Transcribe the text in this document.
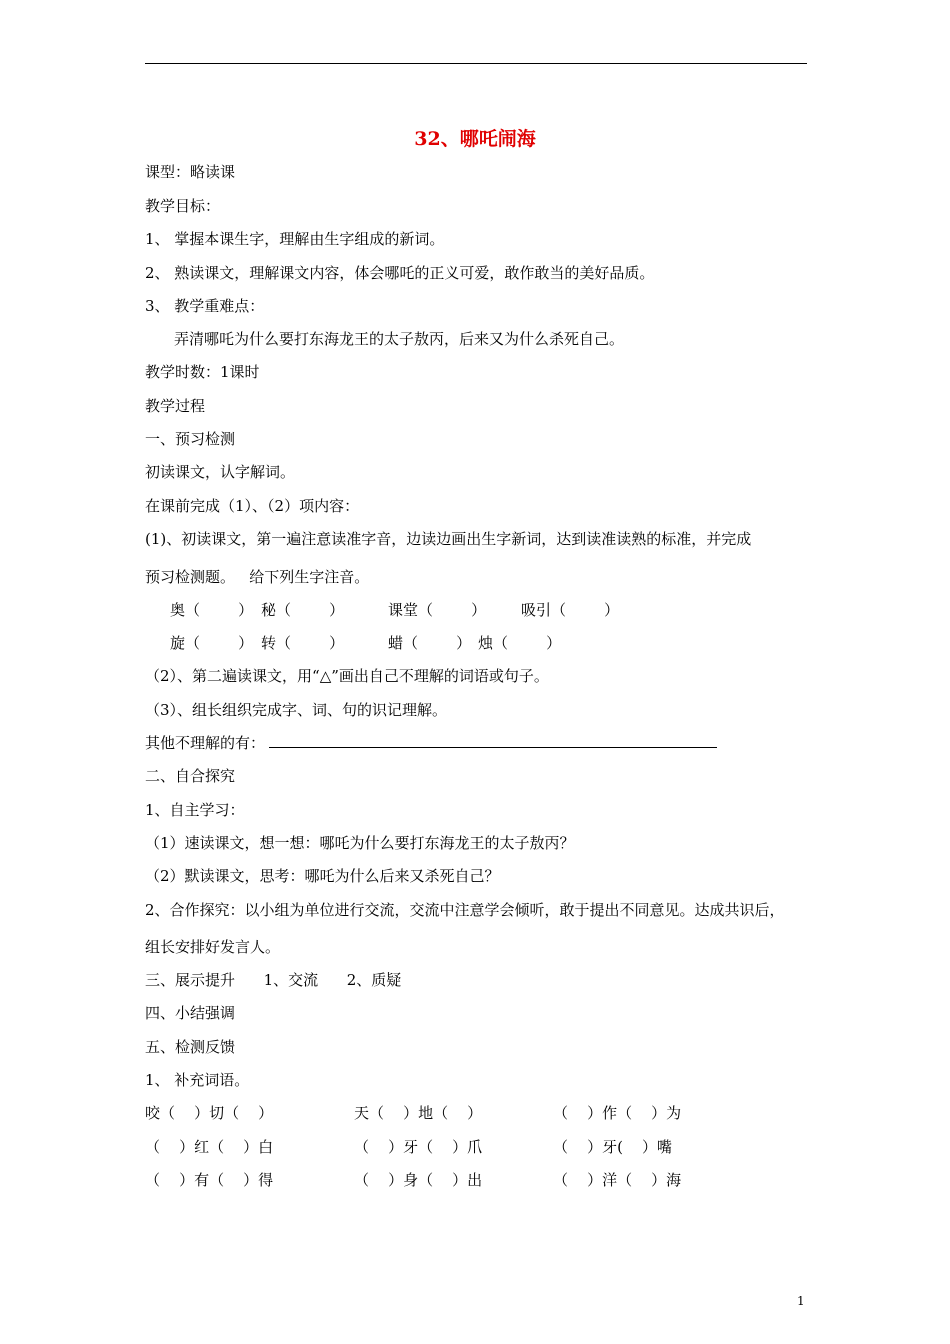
32、哪吒闹海
课型：略读课
教学目标：
1、 掌握本课生字，理解由生字组成的新词。
2、 熟读课文，理解课文内容，体会哪吒的正义可爱，敢作敢当的美好品质。
3、 教学重难点：
弄清哪吒为什么要打东海龙王的太子敖丙，后来又为什么杀死自己。
教学时数：1课时
教学过程
一、预习检测
初读课文，认字解词。
在课前完成（1）、（2）项内容：
(1)、初读课文，第一遍注意读准字音，边读边画出生字新词，达到读准读熟的标准，并完成
预习检测题。   给下列生字注音。
奥（        ） 秘（        ）	课堂（        ） 吸引（        ）
旋（        ） 转（        ）	蜡（        ） 烛（        ）
（2）、第二遍读课文，用“△”画出自己不理解的词语或句子。
（3）、组长组织完成字、词、句的识记理解。
其他不理解的有：
二、自合探究
1、自主学习：
（1）速读课文，想一想：哪吒为什么要打东海龙王的太子敖丙？
（2）默读课文，思考：哪吒为什么后来又杀死自己？
2、合作探究：以小组为单位进行交流，交流中注意学会倾听，敢于提出不同意见。达成共识后，
组长安排好发言人。
三、展示提升      1、交流      2、质疑
四、小结强调
五、检测反馈
1、 补充词语。
咬（    ）切（    ）	天（    ）地（    ）	（    ）作（    ）为
（    ）红（    ）白	（    ）牙（    ）爪	（    ）牙(    ）嘴
（    ）有（    ）得	（    ）身（    ）出	（    ）洋（    ）海
1
